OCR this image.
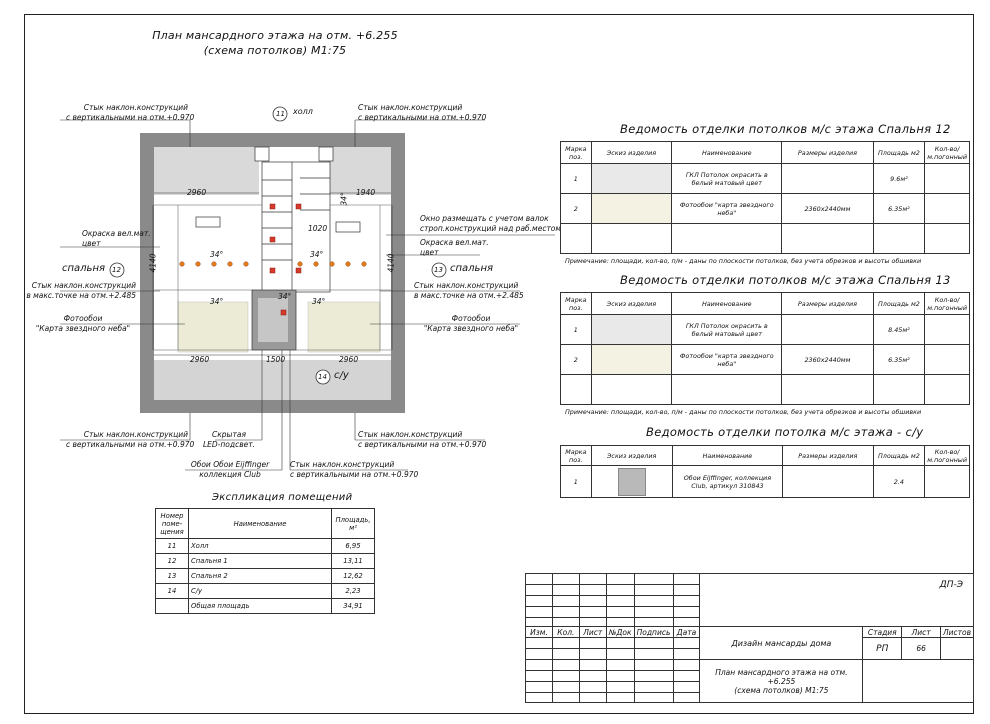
План мансардного этажа на отм. +6.255
(схема потолков) М1:75
2960	1940
2960	1500	2960
1020
4140	4140
34°	34°
34°
34°
34°
34°
11 холл
спальня 12	13 спальня
14 с/у
Стык наклон.конструкций
с вертикальными на отм.+0.970
Стык наклон.конструкций
с вертикальными на отм.+0.970
Окраска вел.мат.
цвет
Окно размещать с учетом валок
строп.конструкций над раб.местом
Окраска вел.мат.
цвет
Стык наклон.конструкций
в макс.точке на отм.+2.485
Стык наклон.конструкций
в макс.точке на отм.+2.485
Фотообои
"Карта звездного неба"
Фотообои
"Карта звездного неба"
Стык наклон.конструкций
с вертикальными на отм.+0.970
Скрытая
LED-подсвет.
Стык наклон.конструкций
с вертикальными на отм.+0.970
Обои Обои Eijffinger
коллекция Club
Стык наклон.конструкций
с вертикальными на отм.+0.970
Ведомость отделки потолков м/с этажа Спальня 12
Марка поз.	Эскиз изделия	Наименование	Размеры изделия	Площадь м2	Кол-во/ м.погонный
1		ГКЛ Потолок окрасить в белый матовый цвет		9.6м²	
2		Фотообои "карта звездного неба"	2360х2440мм	6.35м²	

Примечание: площади, кол-во, п/м - даны по плоскости потолков, без учета обрезков и высоты обшивки
Ведомость отделки потолков м/с этажа Спальня 13
Марка поз.	Эскиз изделия	Наименование	Размеры изделия	Площадь м2	Кол-во/ м.погонный
1		ГКЛ Потолок окрасить в белый матовый цвет		8.45м²	
2		Фотообои "карта звездного неба"	2360х2440мм	6.35м²	

Примечание: площади, кол-во, п/м - даны по плоскости потолков, без учета обрезков и высоты обшивки
Ведомость отделки потолка м/с этажа - с/у
Марка поз.	Эскиз изделия	Наименование	Размеры изделия	Площадь м2	Кол-во/ м.погонный
1		Обои Eijffinger, коллекция Club, артикул 310843		2.4	
Экспликация помещений
Номер поме-щения	Наименование	Площадь, м²
11	Холл	6,95
12	Спальня 1	13,11
13	Спальня 2	12,62
14	С/у	2,23
	Общая площадь	34,91
						ДП-Э			

Изм.	Кол.	Лист	№Док	Подпись	Дата	Дизайн мансарды дома	Стадия	Лист	Листов
							РП	66	

						План мансардного этажа на отм. +6.255
(схема потолков) М1:75			
